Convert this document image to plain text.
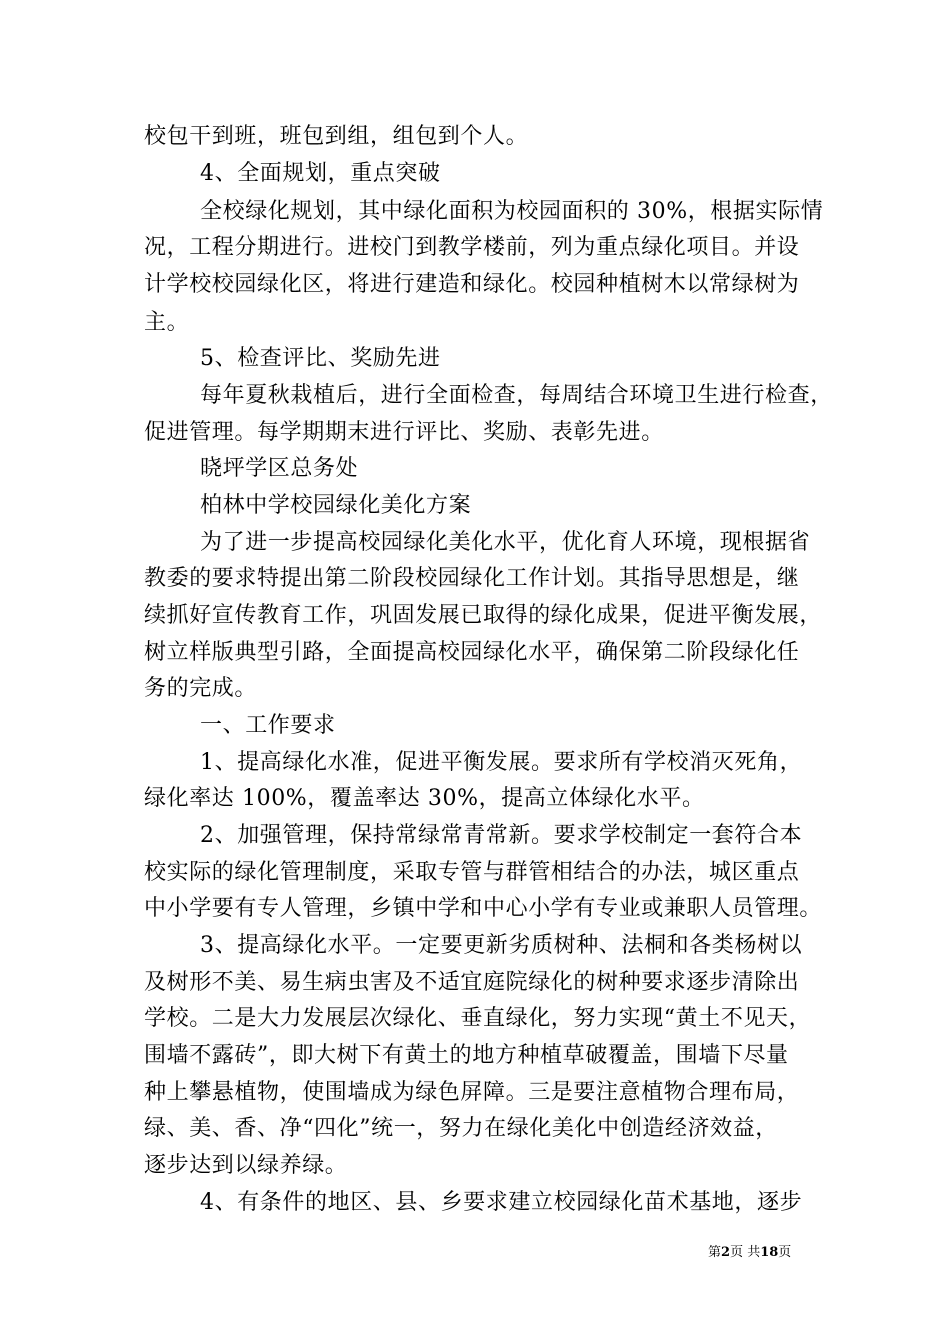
校包干到班，班包到组，组包到个人。
4、全面规划，重点突破
全校绿化规划，其中绿化面积为校园面积的 30%，根据实际情
况，工程分期进行。进校门到教学楼前，列为重点绿化项目。并设
计学校校园绿化区，将进行建造和绿化。校园种植树木以常绿树为
主。
5、检查评比、奖励先进
每年夏秋栽植后，进行全面检查，每周结合环境卫生进行检查，
促进管理。每学期期末进行评比、奖励、表彰先进。
晓坪学区总务处
柏林中学校园绿化美化方案
为了进一步提高校园绿化美化水平，优化育人环境，现根据省
教委的要求特提出第二阶段校园绿化工作计划。其指导思想是，继
续抓好宣传教育工作，巩固发展已取得的绿化成果，促进平衡发展，
树立样版典型引路，全面提高校园绿化水平，确保第二阶段绿化任
务的完成。
一、工作要求
1、提高绿化水准，促进平衡发展。要求所有学校消灭死角，
绿化率达 100%，覆盖率达 30%，提高立体绿化水平。
2、加强管理，保持常绿常青常新。要求学校制定一套符合本
校实际的绿化管理制度，采取专管与群管相结合的办法，城区重点
中小学要有专人管理，乡镇中学和中心小学有专业或兼职人员管理。
3、提高绿化水平。一定要更新劣质树种、法桐和各类杨树以
及树形不美、易生病虫害及不适宜庭院绿化的树种要求逐步清除出
学校。二是大力发展层次绿化、垂直绿化，努力实现“黄土不见天，
围墙不露砖”，即大树下有黄土的地方种植草破覆盖，围墙下尽量
种上攀悬植物，使围墙成为绿色屏障。三是要注意植物合理布局，
绿、美、香、净“四化”统一，努力在绿化美化中创造经济效益，
逐步达到以绿养绿。
4、有条件的地区、县、乡要求建立校园绿化苗术基地，逐步
第2页 共18页
